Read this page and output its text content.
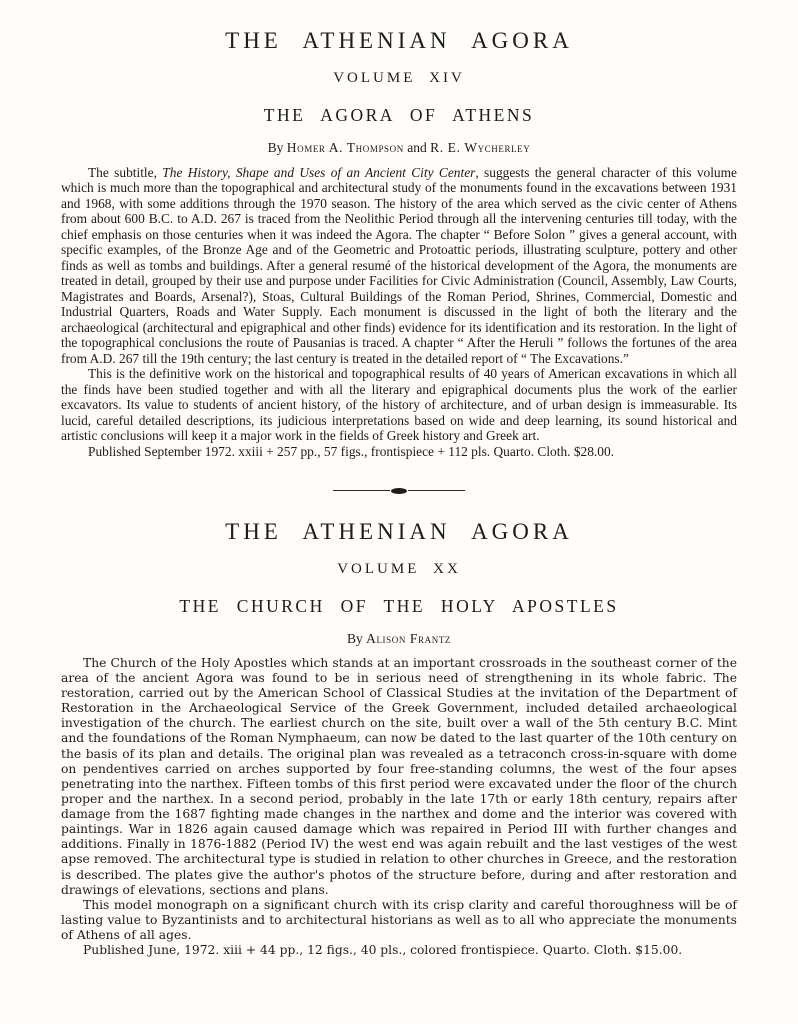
THE ATHENIAN AGORA

VOLUME XIV

THE AGORA OF ATHENS

By Homer A. Thompson and R. E. Wycherley

The subtitle, The History, Shape and Uses of an Ancient City Center, suggests the general character of this volume which is much more than the topographical and architectural study of the monuments found in the excavations between 1931 and 1968, with some additions through the 1970 season. The history of the area which served as the civic center of Athens from about 600 B.C. to A.D. 267 is traced from the Neolithic Period through all the intervening centuries till today, with the chief emphasis on those centuries when it was indeed the Agora. The chapter “ Before Solon ” gives a general account, with specific examples, of the Bronze Age and of the Geometric and Protoattic periods, illustrating sculpture, pottery and other finds as well as tombs and buildings. After a general resumé of the historical development of the Agora, the monuments are treated in detail, grouped by their use and purpose under Facilities for Civic Administration (Council, Assembly, Law Courts, Magistrates and Boards, Arsenal?), Stoas, Cultural Buildings of the Roman Period, Shrines, Commercial, Domestic and Industrial Quarters, Roads and Water Supply. Each monument is discussed in the light of both the literary and the archaeological (architectural and epigraphical and other finds) evidence for its identification and its restoration. In the light of the topographical conclusions the route of Pausanias is traced. A chapter “ After the Heruli ” follows the fortunes of the area from A.D. 267 till the 19th century; the last century is treated in the detailed report of “ The Excavations.”

This is the definitive work on the historical and topographical results of 40 years of American excavations in which all the finds have been studied together and with all the literary and epigraphical documents plus the work of the earlier excavators. Its value to students of ancient history, of the history of architecture, and of urban design is immeasurable. Its lucid, careful detailed descriptions, its judicious interpretations based on wide and deep learning, its sound historical and artistic conclusions will keep it a major work in the fields of Greek history and Greek art.

Published September 1972. xxiii + 257 pp., 57 figs., frontispiece + 112 pls. Quarto. Cloth. $28.00.

THE ATHENIAN AGORA

VOLUME XX

THE CHURCH OF THE HOLY APOSTLES

By Alison Frantz

The Church of the Holy Apostles which stands at an important crossroads in the southeast corner of the area of the ancient Agora was found to be in serious need of strengthening in its whole fabric. The restoration, carried out by the American School of Classical Studies at the invitation of the Department of Restoration in the Archaeological Service of the Greek Government, included detailed archaeological investigation of the church. The earliest church on the site, built over a wall of the 5th century B.C. Mint and the foundations of the Roman Nymphaeum, can now be dated to the last quarter of the 10th century on the basis of its plan and details. The original plan was revealed as a tetraconch cross-in-square with dome on pendentives carried on arches supported by four free-standing columns, the west of the four apses penetrating into the narthex. Fifteen tombs of this first period were excavated under the floor of the church proper and the narthex. In a second period, probably in the late 17th or early 18th century, repairs after damage from the 1687 fighting made changes in the narthex and dome and the interior was covered with paintings. War in 1826 again caused damage which was repaired in Period III with further changes and additions. Finally in 1876-1882 (Period IV) the west end was again rebuilt and the last vestiges of the west apse removed. The architectural type is studied in relation to other churches in Greece, and the restoration is described. The plates give the author's photos of the structure before, during and after restoration and drawings of elevations, sections and plans.

This model monograph on a significant church with its crisp clarity and careful thoroughness will be of lasting value to Byzantinists and to architectural historians as well as to all who appreciate the monuments of Athens of all ages.

Published June, 1972. xiii + 44 pp., 12 figs., 40 pls., colored frontispiece. Quarto. Cloth. $15.00.
